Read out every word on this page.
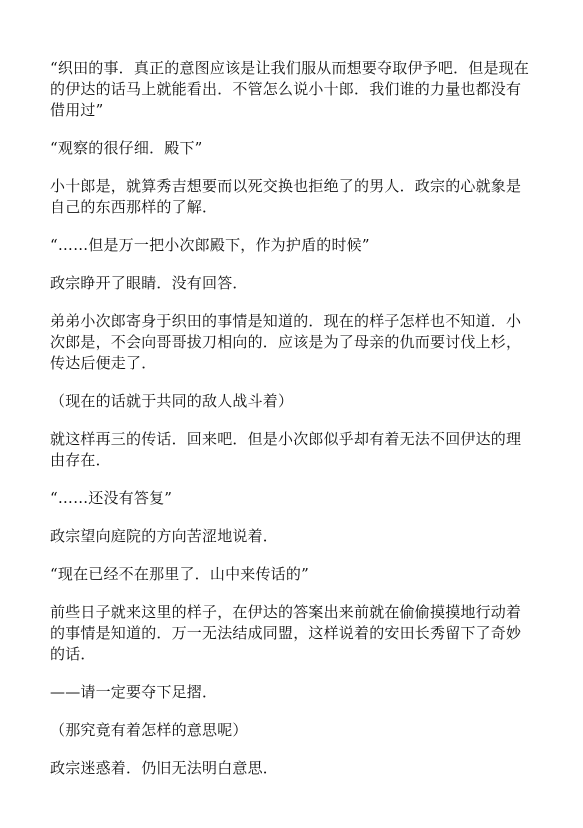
“织田的事．真正的意图应该是让我们服从而想要夺取伊予吧．但是现在的伊达的话马上就能看出．不管怎么说小十郎．我们谁的力量也都没有借用过”

“观察的很仔细．殿下”

小十郎是，就算秀吉想要而以死交换也拒绝了的男人．政宗的心就象是自己的东西那样的了解．

“……但是万一把小次郎殿下，作为护盾的时候”

政宗睁开了眼睛．没有回答．

弟弟小次郎寄身于织田的事情是知道的．现在的样子怎样也不知道．小次郎是，不会向哥哥拔刀相向的．应该是为了母亲的仇而要讨伐上杉，传达后便走了．

（现在的话就于共同的敌人战斗着）

就这样再三的传话．回来吧．但是小次郎似乎却有着无法不回伊达的理由存在．

“……还没有答复”

政宗望向庭院的方向苦涩地说着．

“现在已经不在那里了．山中来传话的”

前些日子就来这里的样子，在伊达的答案出来前就在偷偷摸摸地行动着的事情是知道的．万一无法结成同盟，这样说着的安田长秀留下了奇妙的话．

——请一定要夺下足摺．

（那究竟有着怎样的意思呢）

政宗迷惑着．仍旧无法明白意思．
